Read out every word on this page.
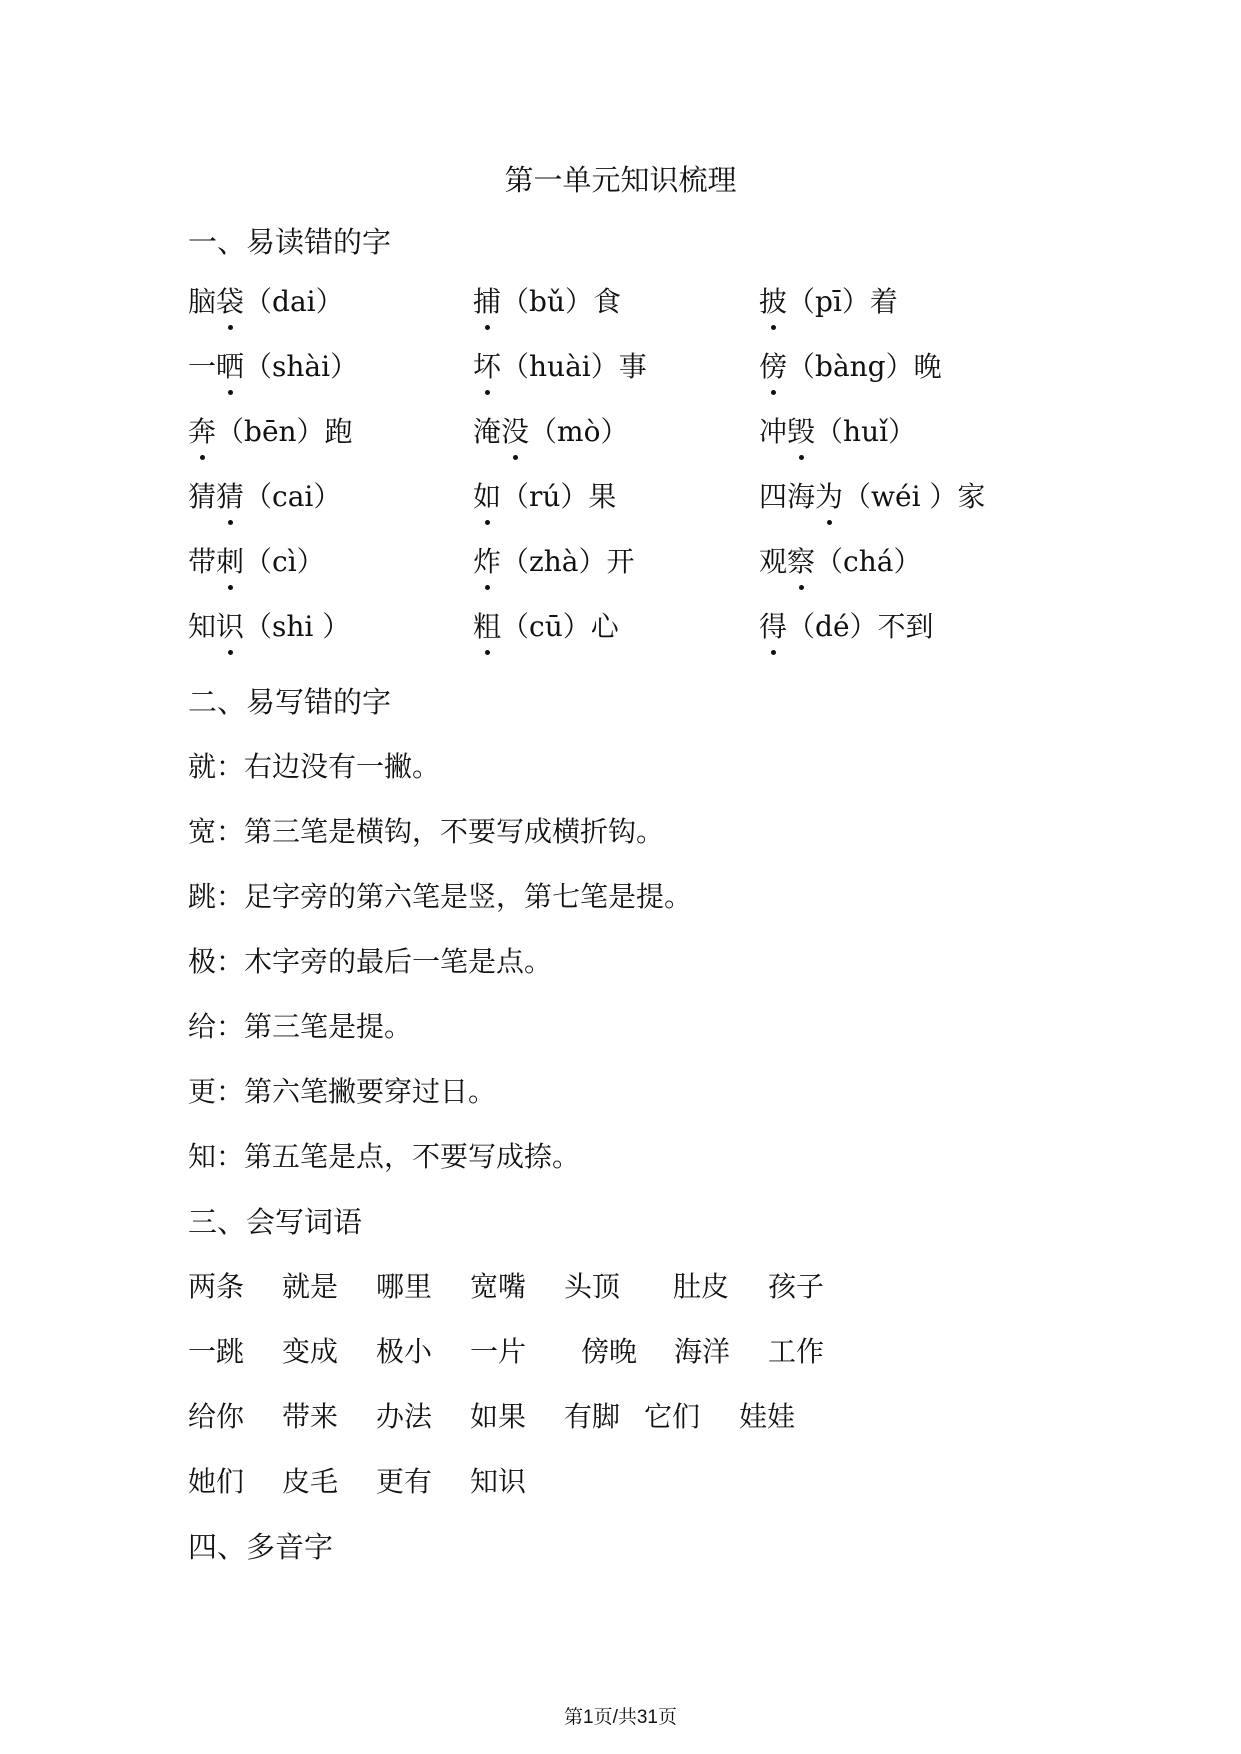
第一单元知识梳理
一、易读错的字
脑袋（dai）	捕（bǔ）食	披（pī）着
一晒（shài）	坏（huài）事	傍（bàng）晚
奔（bēn）跑	淹没（mò）	冲毁（huǐ）
猜猜（cai）	如（rú）果	四海为（wéi ）家
带刺（cì）	炸（zhà）开	观察（chá）
知识（shi ）	粗（cū）心	得（dé）不到
二、易写错的字
就：右边没有一撇。
宽：第三笔是横钩，不要写成横折钩。
跳：足字旁的第六笔是竖，第七笔是提。
极：木字旁的最后一笔是点。
给：第三笔是提。
更：第六笔撇要穿过日。
知：第五笔是点，不要写成捺。
三、会写词语
两条 就是 哪里 宽嘴 头顶 肚皮 孩子
一跳 变成 极小 一片 傍晚 海洋 工作
给你 带来 办法 如果 有脚 它们 娃娃
她们 皮毛 更有 知识
四、多音字
第1页/共31页
